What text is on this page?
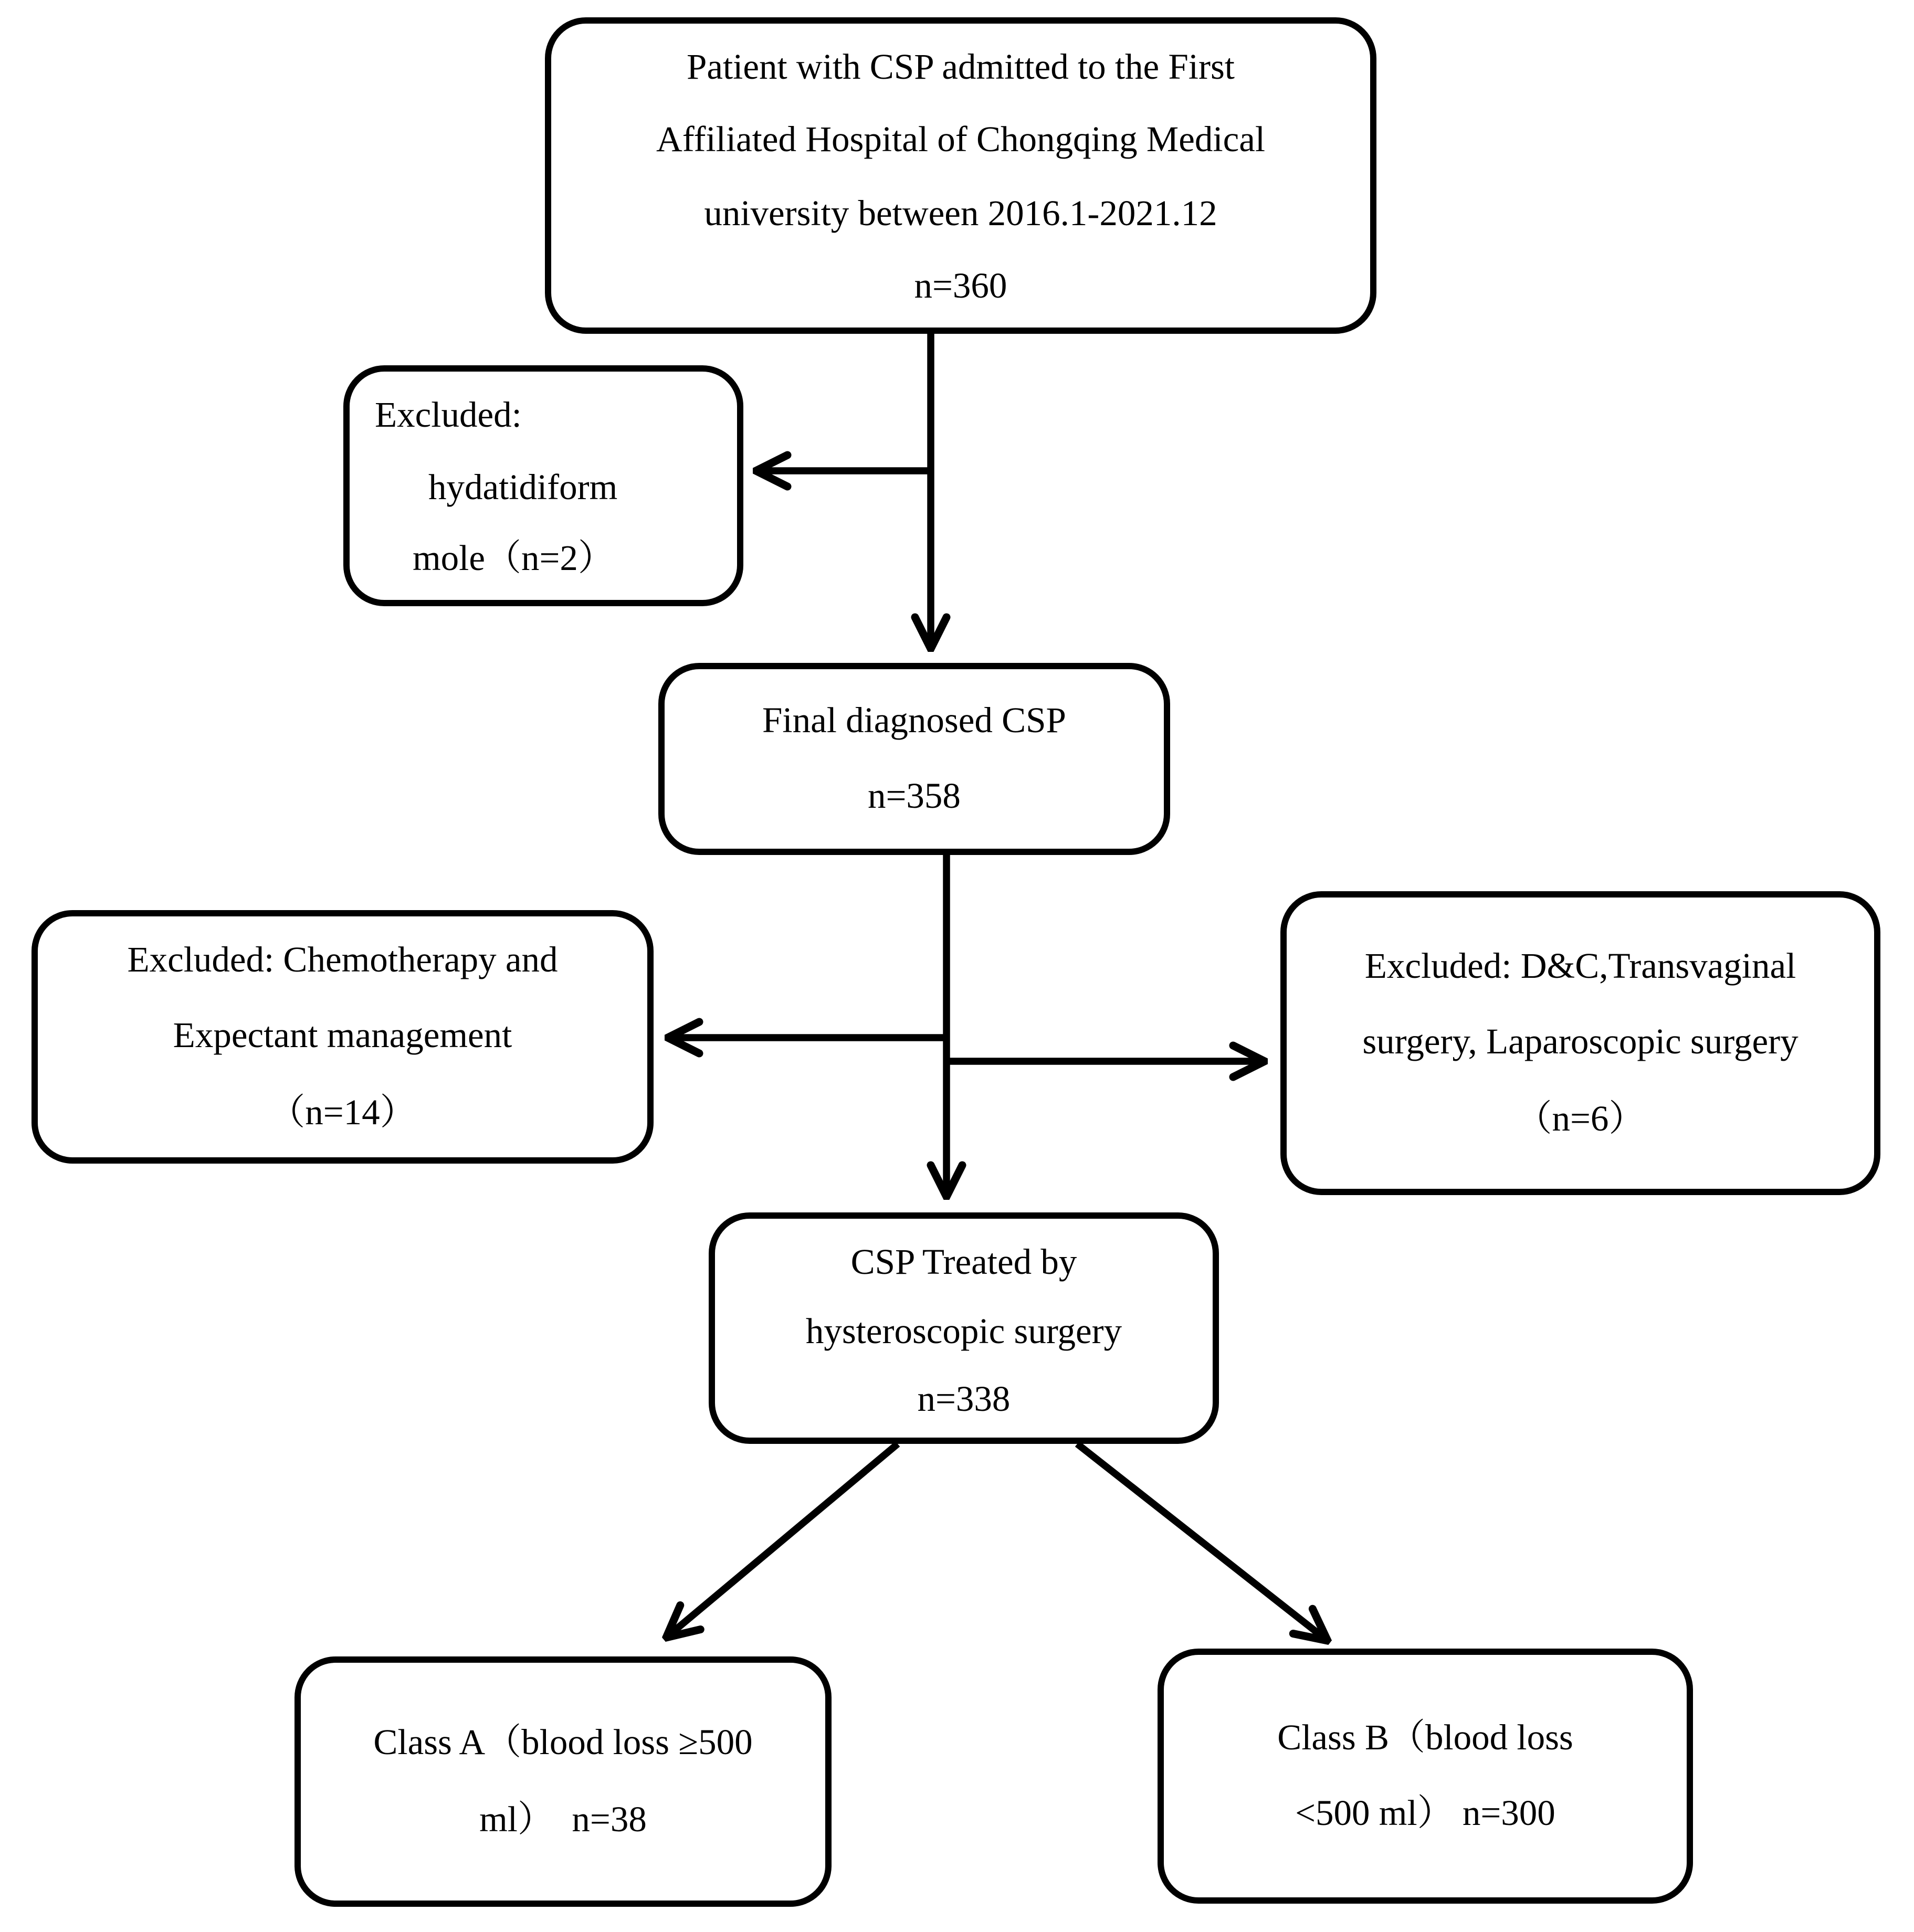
Patient with CSP admitted to the First
Affiliated Hospital of Chongqing Medical
university between 2016.1-2021.12
n=360
Excluded:
hydatidiform
mole（n=2）
Final diagnosed CSP
n=358
Excluded: Chemotherapy and
Expectant management
（n=14）
Excluded: D&C,Transvaginal
surgery, Laparoscopic surgery
（n=6）
CSP Treated by
hysteroscopic surgery
n=338
Class A（blood loss ≥500
ml）  n=38
Class B（blood loss
<500 ml） n=300
